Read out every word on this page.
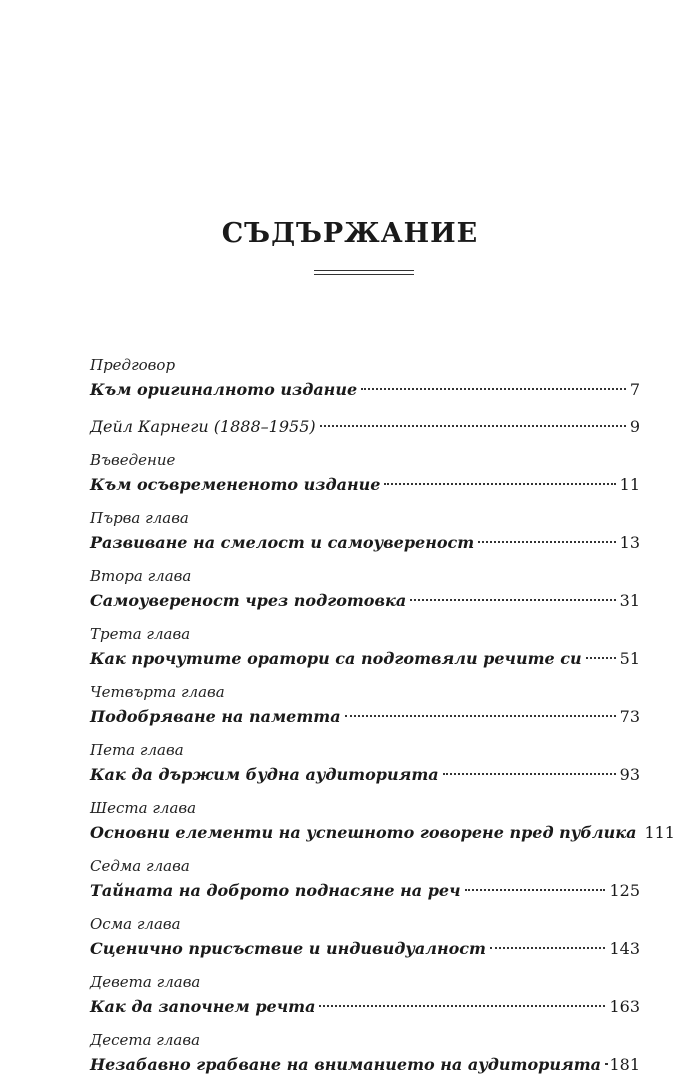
СЪДЪРЖАНИЕ
Предговор
Към оригиналното издание	7
Дейл Карнеги (1888–1955)	9
Въведение
Към осъвремененото издание	11
Първа глава
Развиване на смелост и самоувереност	13
Втора глава
Самоувереност чрез подготовка	31
Трета глава
Как прочутите оратори са подготвяли речите си 51
Четвърта глава
Подобряване на паметта	73
Пета глава
Как да държим будна аудиторията	93
Шеста глава
Основни елементи на успешното говорене пред публика 111
Седма глава
Тайната на доброто поднасяне на реч	125
Осма глава
Сценично присъствие и индивидуалност	143
Девета глава
Как да започнем речта	163
Десета глава
Незабавно грабване на вниманието на аудиторията 181
